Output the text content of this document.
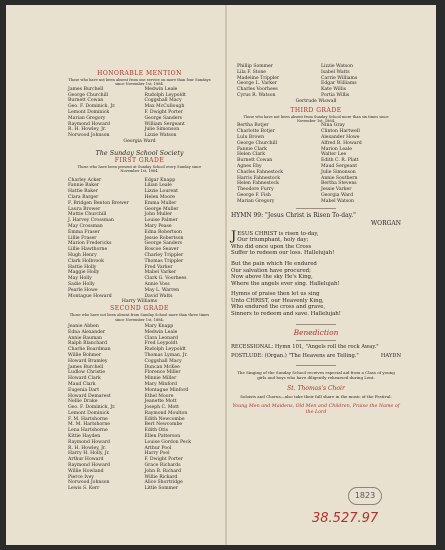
HONORABLE MENTION
Those who have not been absent from one service on more than four Sundays since November 1st, 1884.
James Burchell	Medwin Leale
George Churchill	Rudolph Leypoldt
Burnett Cowan	Coggshall Macy
Geo. F. Dominick, Jr.	Max McCullough
Lemont Dominick	F. Dwight Porter
Marian Gregory	George Sanders
Raymond Howard	William Sergeant
R. H. Howley, Jr.	Julie Simonson
Norwood Johnson	Lizzie Watson
Georgia Ward
The Sunday School Society
FIRST GRADE
Those who have been present at Sunday School every Sunday since November 1st, 1884.
Charley Acker	Edgar Knapp
Fannie Baker	Lilian Leale
Hattie Baker	Lizzie Lourent
Clara Barger	Helen Moore
F. Bridgen Benton Brewer	Emma Muller
Laura Brower	George Muller
Mattie Churchill	John Muller
J. Harvey Crossman	Louise Palmer
May Crossman	Mary Pease
Emma Fraser	Edna Robertson
Lillie Fraser	Jessie Robertson
Marion Fredericks	George Sanders
Lillie Hawthorne	Roscoe Seaver
Hugh Henry	Charley Trippler
Clark Holbrook	Thomas Trippler
Hattie Holly	Fred Varker
Maggie Holly	Mabel Varker
May Holly	Clark G. Voorhees
Sadie Holly	Annie Voss
Pearle Howe	May L. Warren
Montague Howard	David Watts
Harry Williams
SECOND GRADE
Those who have not been absent from Sunday School more than three times since November 1st, 1884.
Jeanie Abben	Mary Knapp
Edna Alexander	Medwin Leale
Annie Bauman	Clara Leonard
Ralph Blanchard	Fred Leypoldt
Charlie Boardman	Rudolph Leypoldt
Willie Bohmer	Thomas Lyman, Jr.
Howard Bramley	Coggshall Macy
James Burchell	Duncan McKee
Ludlow Christie	Florence Miller
Howard Clark	Minnie Miller
Maud Clark	Mary Minford
Eugenia Dart	Montague Minford
Howard Demarest	Ethel Moore
Nellie Drake	Jeanette Mott
Geo. F. Dominick, Jr.	Joseph C. Mott
Lemont Dominick	Raymond Moulton
F. M. Hartshorne	Edith Newcombe
M. M. Hartshorne	Bert Newcombe
Lena Hartshorne	Edith Otis
Kittie Hayden	Ellen Patterson
Raymond Howard	Louise Gordon Peck
R. H. Howley, Jr.	Arthur Pool
Harry H. Holly, Jr.	Harry Pool
Arthur Howard	F. Dwight Porter
Raymond Howard	Grace Richards
Willie Howland	John B. Richard
Pierce Ivey	Willie Rickard
Norwood Johnson	Alice Shortridge
Lewis S. Kerr	Little Sommer
Phillip Sommer	Lizzie Watson
Lila F. Stone	Isabel Watts
Madeline Trippler	Carrie Williams
George L. Varker	Edgar Williams
Charles Voorhees	Kate Willis
Cyrus R. Watson	Portia Willis
Gertrude Wiswall
THIRD GRADE
Those who have not been absent from Sunday School more than six times since November 1st, 1884.
Bertha Botjer	Nina Gray
Charlotte Botjer	Clinton Hartwell
Lulu Brown	Alexander Howe
George Churchill	Alfred B. Howard
Fannie Clark	Marion Leale
Helen Clark	Walter Lee
Burnett Cowan	Edith C. R. Platt
Agnes Eby	Maud Sergeant
Charles Fahnestock	Julie Simonson
Harris Fahnestock	Annie Southern
Helen Fahnestock	Bertha Stevens
Theodore Furry	Jessie Varker
George F. Fish	Georgia Ward
Marian Gregory	Mabel Watson
HYMN 99: "Jesus Christ is Risen To-day."
WORGAN
J ESUS CHRIST is risen to-day,
Our triumphant, holy day;
Who did once upon the Cross
Suffer to redeem our loss. Hallelujah!
But the pain which He endured
Our salvation have procured;
Now above the sky He's King,
Where the angels ever sing. Hallelujah!
Hymns of praise then let us sing
Unto CHRIST, our Heavenly King,
Who endured the cross and grave,
Sinners to redeem and save. Hallelujah!
Benediction
RECESSIONAL: Hymn 101, "Angels roll the rock Away."
POSTLUDE: (Organ.) "The Heavens are Telling."	HAYDN
The Singing of the Sunday School receives especial aid from a Class of young girls and boys who have diligently rehearsed during Lent.
St. Thomas's Choir
Soloists and Chorus—also take their full share in the music of the Festival.
Young Men and Maidens, Old Men and Children, Praise the Name of the Lord
1823
38.527.97
